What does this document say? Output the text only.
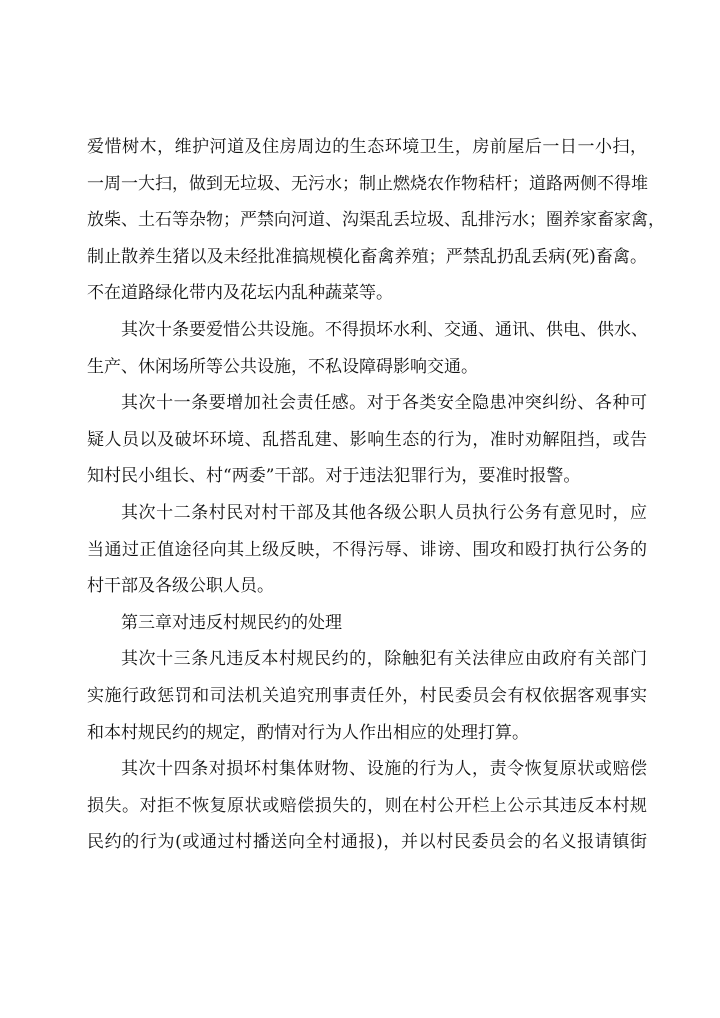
爱惜树木，维护河道及住房周边的生态环境卫生，房前屋后一日一小扫，
一周一大扫，做到无垃圾、无污水；制止燃烧农作物秸杆；道路两侧不得堆
放柴、土石等杂物；严禁向河道、沟渠乱丢垃圾、乱排污水；圈养家畜家禽，
制止散养生猪以及未经批准搞规模化畜禽养殖；严禁乱扔乱丢病(死)畜禽。
不在道路绿化带内及花坛内乱种蔬菜等。
其次十条要爱惜公共设施。不得损坏水利、交通、通讯、供电、供水、
生产、休闲场所等公共设施，不私设障碍影响交通。
其次十一条要增加社会责任感。对于各类安全隐患冲突纠纷、各种可
疑人员以及破坏环境、乱搭乱建、影响生态的行为，准时劝解阻挡，或告
知村民小组长、村“两委”干部。对于违法犯罪行为，要准时报警。
其次十二条村民对村干部及其他各级公职人员执行公务有意见时，应
当通过正值途径向其上级反映，不得污辱、诽谤、围攻和殴打执行公务的
村干部及各级公职人员。
第三章对违反村规民约的处理
其次十三条凡违反本村规民约的，除触犯有关法律应由政府有关部门
实施行政惩罚和司法机关追究刑事责任外，村民委员会有权依据客观事实
和本村规民约的规定，酌情对行为人作出相应的处理打算。
其次十四条对损坏村集体财物、设施的行为人，责令恢复原状或赔偿
损失。对拒不恢复原状或赔偿损失的，则在村公开栏上公示其违反本村规
民约的行为(或通过村播送向全村通报)，并以村民委员会的名义报请镇街
